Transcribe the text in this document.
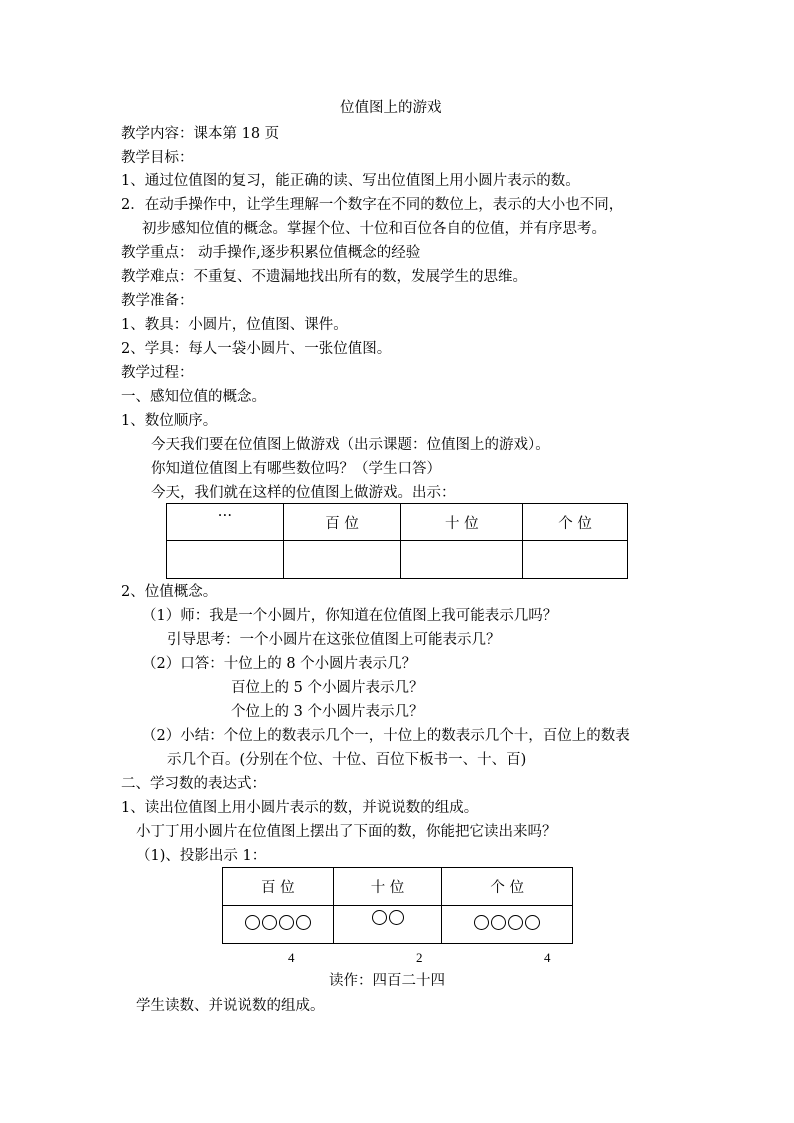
位值图上的游戏
教学内容：课本第 18 页
教学目标：
1、通过位值图的复习，能正确的读、写出位值图上用小圆片表示的数。
2．在动手操作中，让学生理解一个数字在不同的数位上，表示的大小也不同，
初步感知位值的概念。掌握个位、十位和百位各自的位值，并有序思考。
教学重点： 动手操作,逐步积累位值概念的经验
教学难点：不重复、不遗漏地找出所有的数，发展学生的思维。
教学准备：
1、教具：小圆片，位值图、课件。
2、学具：每人一袋小圆片、一张位值图。
教学过程：
一、感知位值的概念。
1、数位顺序。
今天我们要在位值图上做游戏（出示课题：位值图上的游戏）。
你知道位值图上有哪些数位吗？（学生口答）
今天，我们就在这样的位值图上做游戏。出示：
…	百 位	十 位	个 位

2、位值概念。
（1）师：我是一个小圆片，你知道在位值图上我可能表示几吗？
引导思考：一个小圆片在这张位值图上可能表示几？
（2）口答：十位上的 8 个小圆片表示几？
百位上的 5 个小圆片表示几？
个位上的 3 个小圆片表示几？
（2）小结：个位上的数表示几个一，十位上的数表示几个十，百位上的数表
示几个百。(分别在个位、十位、百位下板书一、十、百)
二、学习数的表达式：
1、读出位值图上用小圆片表示的数，并说说数的组成。
小丁丁用小圆片在位值图上摆出了下面的数，你能把它读出来吗？
（1)、投影出示 1：
百 位	十 位	个 位

4	2	4
读作：四百二十四
学生读数、并说说数的组成。
